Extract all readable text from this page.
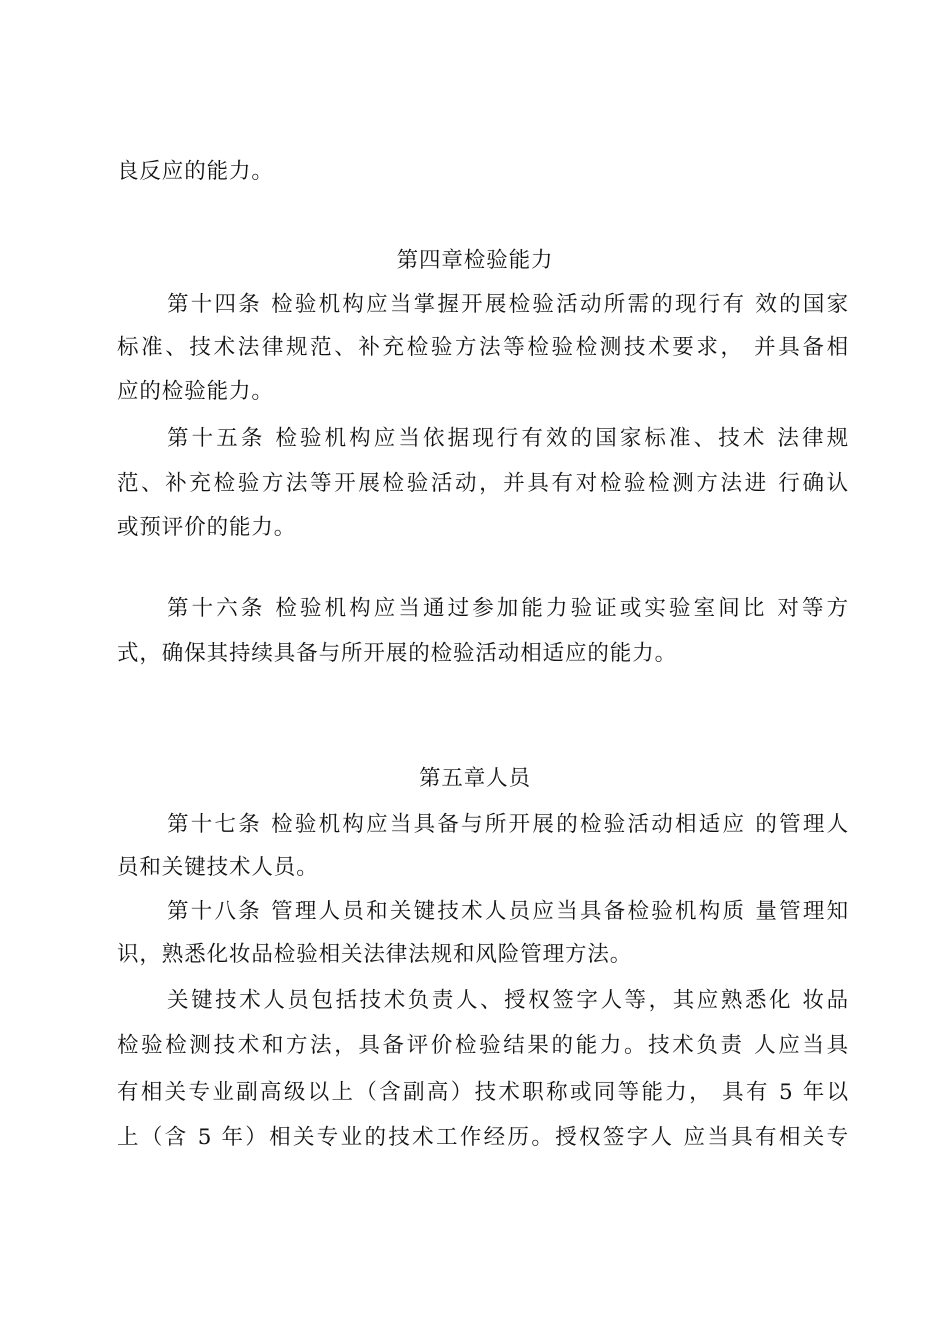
良反应的能力。
第四章检验能力
第十四条 检验机构应当掌握开展检验活动所需的现行有 效的国家
标准、技术法律规范、补充检验方法等检验检测技术要求， 并具备相
应的检验能力。
第十五条 检验机构应当依据现行有效的国家标准、技术 法律规
范、补充检验方法等开展检验活动，并具有对检验检测方法进 行确认
或预评价的能力。
第十六条 检验机构应当通过参加能力验证或实验室间比 对等方
式，确保其持续具备与所开展的检验活动相适应的能力。
第五章人员
第十七条 检验机构应当具备与所开展的检验活动相适应 的管理人
员和关键技术人员。
第十八条 管理人员和关键技术人员应当具备检验机构质 量管理知
识，熟悉化妆品检验相关法律法规和风险管理方法。
关键技术人员包括技术负责人、授权签字人等，其应熟悉化 妆品
检验检测技术和方法，具备评价检验结果的能力。技术负责 人应当具
有相关专业副高级以上（含副高）技术职称或同等能力， 具有 5 年以
上（含 5 年）相关专业的技术工作经历。授权签字人 应当具有相关专
